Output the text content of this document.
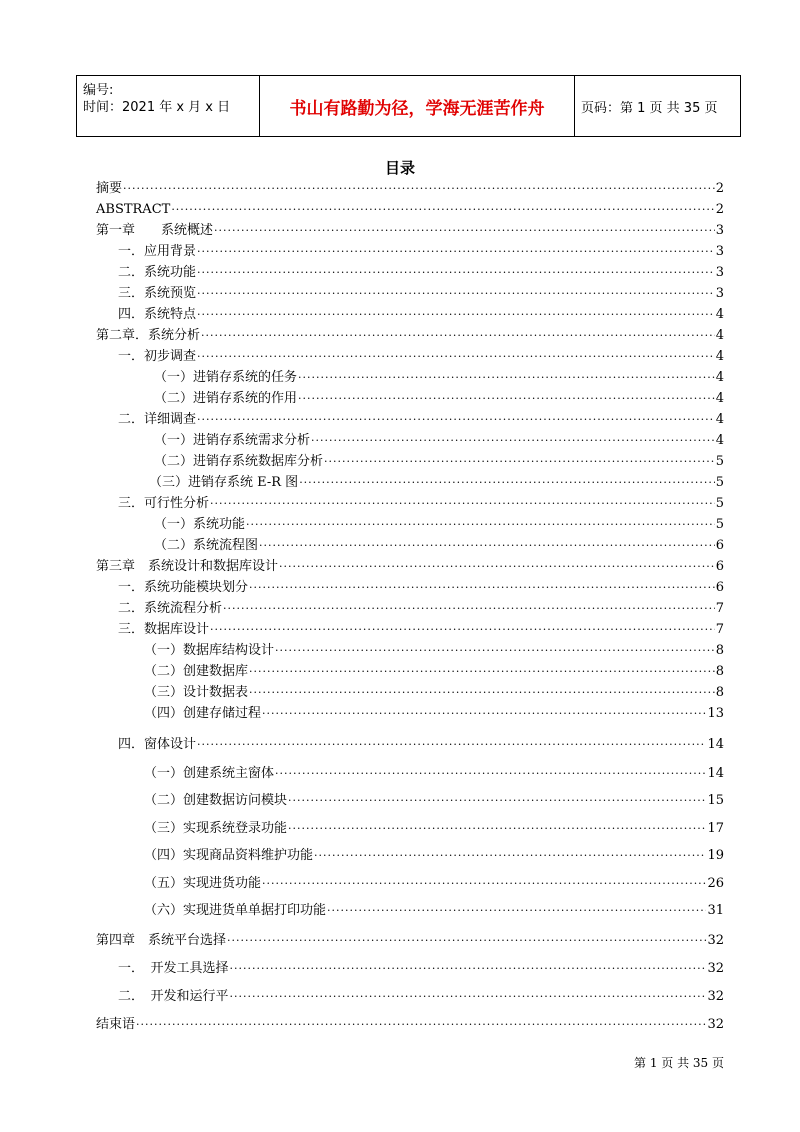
编号:
时间：2021 年 x 月 x 日	书山有路勤为径，学海无涯苦作舟	页码：第 1 页 共 35 页
目录
摘要 ·····	2
ABSTRACT ·····	2
第一章　　系统概述 ·····	3
一．应用背景 ·····	3
二．系统功能 ·····	3
三．系统预览 ·····	3
四．系统特点 ·····	4
第二章．系统分析 ·····	4
一．初步调查 ·····	4
（一）进销存系统的任务 ·····	4
（二）进销存系统的作用 ·····	4
二．详细调查 ·····	4
（一）进销存系统需求分析 ·····	4
（二）进销存系统数据库分析 ·····	5
（三）进销存系统 E-R 图 ·····	5
三．可行性分析 ·····	5
（一）系统功能 ·····	5
（二）系统流程图 ·····	6
第三章　系统设计和数据库设计 ·····	6
一．系统功能模块划分 ·····	6
二．系统流程分析 ·····	7
三．数据库设计 ·····	7
（一）数据库结构设计 ·····	8
（二）创建数据库 ·····	8
（三）设计数据表 ·····	8
（四）创建存储过程 ·····	13
四．窗体设计 ·····	14
（一）创建系统主窗体 ·····	14
（二）创建数据访问模块 ·····	15
（三）实现系统登录功能 ·····	17
（四）实现商品资料维护功能 ·····	19
（五）实现进货功能 ·····	26
（六）实现进货单单据打印功能 ·····	31
第四章　系统平台选择 ·····	32
一．　开发工具选择 ·····	32
二．　开发和运行平 ·····	32
结束语 ·····	32
第 1 页 共 35 页
